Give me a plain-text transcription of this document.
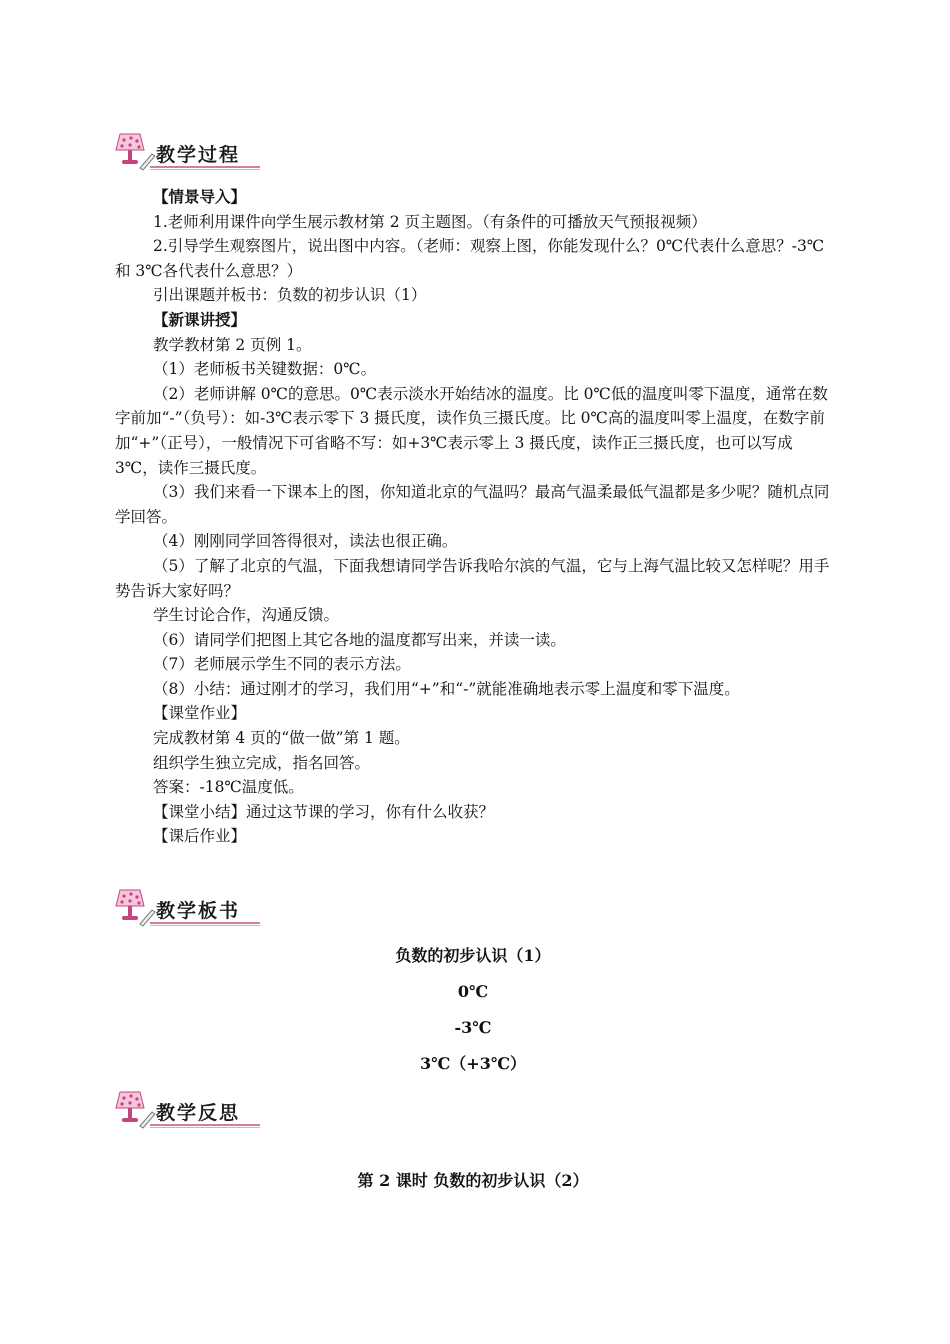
教学过程

【情景导入】

1.老师利用课件向学生展示教材第 2 页主题图。（有条件的可播放天气预报视频）

2.引导学生观察图片，说出图中内容。（老师：观察上图，你能发现什么？0℃代表什么意思？-3℃和 3℃各代表什么意思？）

引出课题并板书：负数的初步认识（1）

【新课讲授】

教学教材第 2 页例 1。

（1）老师板书关键数据：0℃。

（2）老师讲解 0℃的意思。0℃表示淡水开始结冰的温度。比 0℃低的温度叫零下温度，通常在数字前加“-”（负号）：如-3℃表示零下 3 摄氏度，读作负三摄氏度。比 0℃高的温度叫零上温度，在数字前加“+”（正号），一般情况下可省略不写：如+3℃表示零上 3 摄氏度，读作正三摄氏度，也可以写成 3℃，读作三摄氏度。

（3）我们来看一下课本上的图，你知道北京的气温吗？最高气温柔最低气温都是多少呢？随机点同学回答。

（4）刚刚同学回答得很对，读法也很正确。

（5）了解了北京的气温，下面我想请同学告诉我哈尔滨的气温，它与上海气温比较又怎样呢？用手势告诉大家好吗？

学生讨论合作，沟通反馈。

（6）请同学们把图上其它各地的温度都写出来，并读一读。

（7）老师展示学生不同的表示方法。

（8）小结：通过刚才的学习，我们用“+”和“-”就能准确地表示零上温度和零下温度。

【课堂作业】

完成教材第 4 页的“做一做”第 1 题。

组织学生独立完成，指名回答。

答案：-18℃温度低。

【课堂小结】通过这节课的学习，你有什么收获？

【课后作业】

教学板书
负数的初步认识（1）
0℃
-3℃
3℃（+3℃）
教学反思
第 2 课时 负数的初步认识（2）
